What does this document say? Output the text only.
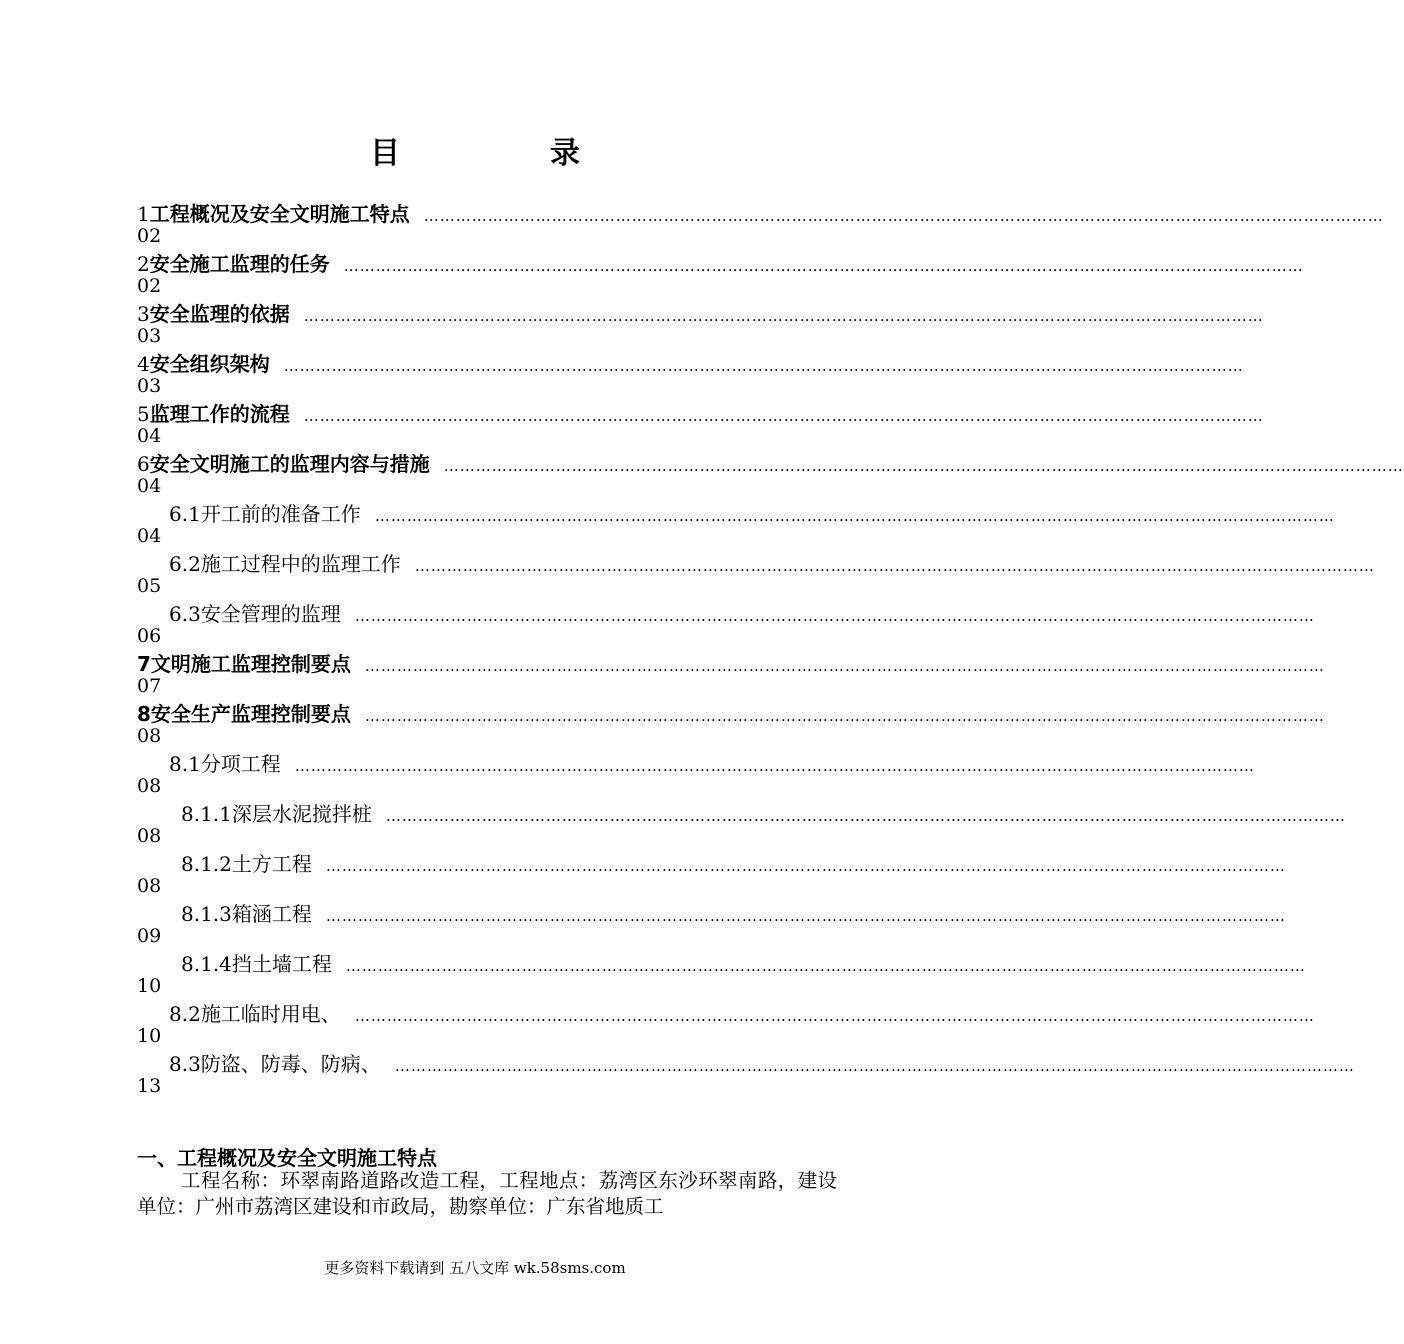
目　录
1 工程概况及安全文明施工特点 ………………………………………………………………………………………………………………………………………………………………
02
2 安全施工监理的任务 ………………………………………………………………………………………………………………………………………………………………
02
3 安全监理的依据 ………………………………………………………………………………………………………………………………………………………………
03
4 安全组织架构 ………………………………………………………………………………………………………………………………………………………………
03
5 监理工作的流程 ………………………………………………………………………………………………………………………………………………………………
04
6 安全文明施工的监理内容与措施 ………………………………………………………………………………………………………………………………………………………………
04
6.1 开工前的准备工作 ………………………………………………………………………………………………………………………………………………………………
04
6.2 施工过程中的监理工作 ………………………………………………………………………………………………………………………………………………………………
05
6.3 安全管理的监理 ………………………………………………………………………………………………………………………………………………………………
06
7 文明施工监理控制要点 ………………………………………………………………………………………………………………………………………………………………
07
8 安全生产监理控制要点 ………………………………………………………………………………………………………………………………………………………………
08
8.1 分项工程 ………………………………………………………………………………………………………………………………………………………………
08
8.1.1 深层水泥搅拌桩 ………………………………………………………………………………………………………………………………………………………………
08
8.1.2 土方工程 ………………………………………………………………………………………………………………………………………………………………
08
8.1.3 箱涵工程 ………………………………………………………………………………………………………………………………………………………………
09
8.1.4 挡土墙工程 ………………………………………………………………………………………………………………………………………………………………
10
8.2 施工临时用电、 ………………………………………………………………………………………………………………………………………………………………
10
8.3 防盗、防毒、防病、 ………………………………………………………………………………………………………………………………………………………………
13
一、工程概况及安全文明施工特点

工程名称：环翠南路道路改造工程，工程地点：荔湾区东沙环翠南路，建设单位：广州市荔湾区建设和市政局，勘察单位：广东省地质工

更多资料下载请到 五八文库 wk.58sms.com
